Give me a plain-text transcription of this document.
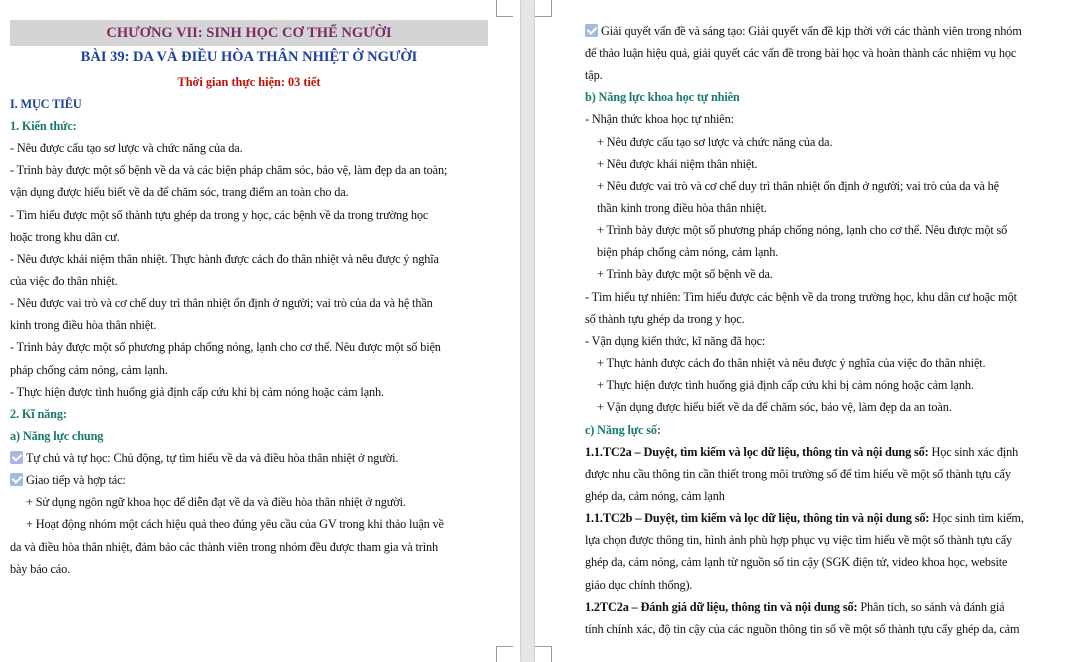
CHƯƠNG VII: SINH HỌC CƠ THỂ NGƯỜI
BÀI 39: DA VÀ ĐIỀU HÒA THÂN NHIỆT Ở NGƯỜI
Thời gian thực hiện: 03 tiết
I. MỤC TIÊU
1. Kiến thức:
- Nêu được cấu tạo sơ lược và chức năng của da.
- Trình bày được một số bệnh về da và các biện pháp chăm sóc, bảo vệ, làm đẹp da an toàn;
vận dụng được hiểu biết về da để chăm sóc, trang điểm an toàn cho da.
- Tìm hiểu được một số thành tựu ghép da trong y học, các bệnh về da trong trường học
hoặc trong khu dân cư.
- Nêu được khái niệm thân nhiệt. Thực hành được cách đo thân nhiệt và nêu được ý nghĩa
của việc đo thân nhiệt.
- Nêu được vai trò và cơ chế duy trì thân nhiệt ổn định ở người; vai trò của da và hệ thần
kinh trong điều hòa thân nhiệt.
- Trình bày được một số phương pháp chống nóng, lạnh cho cơ thể. Nêu được một số biện
pháp chống cảm nóng, cảm lạnh.
- Thực hiện được tình huống giả định cấp cứu khi bị cảm nóng hoặc cảm lạnh.
2. Kĩ năng:
a) Năng lực chung
Tự chủ và tự học: Chủ động, tự tìm hiểu về da và điều hòa thân nhiệt ở người.
Giao tiếp và hợp tác:
+ Sử dụng ngôn ngữ khoa học để diễn đạt về da và điều hòa thân nhiệt ở người.
+ Hoạt động nhóm một cách hiệu quả theo đúng yêu cầu của GV trong khi thảo luận về
da và điều hòa thân nhiệt, đảm bảo các thành viên trong nhóm đều được tham gia và trình
bày báo cáo.
Giải quyết vấn đề và sáng tạo: Giải quyết vấn đề kịp thời với các thành viên trong nhóm
để thảo luận hiệu quả, giải quyết các vấn đề trong bài học và hoàn thành các nhiệm vụ học
tập.
b) Năng lực khoa học tự nhiên
- Nhận thức khoa học tự nhiên:
+ Nêu được cấu tạo sơ lược và chức năng của da.
+ Nêu được khái niệm thân nhiệt.
+ Nêu được vai trò và cơ chế duy trì thân nhiệt ổn định ở người; vai trò của da và hệ
thần kinh trong điều hòa thân nhiệt.
+ Trình bày được một số phương pháp chống nóng, lạnh cho cơ thể. Nêu được một số
biện pháp chống cảm nóng, cảm lạnh.
+ Trình bày được một số bệnh về da.
- Tìm hiểu tự nhiên: Tìm hiểu được các bệnh về da trong trường học, khu dân cư hoặc một
số thành tựu ghép da trong y học.
- Vận dụng kiến thức, kĩ năng đã học:
+ Thực hành được cách đo thân nhiệt và nêu được ý nghĩa của việc đo thân nhiệt.
+ Thực hiện được tình huống giả định cấp cứu khi bị cảm nóng hoặc cảm lạnh.
+ Vận dụng được hiểu biết về da để chăm sóc, bảo vệ, làm đẹp da an toàn.
c) Năng lực số:
1.1.TC2a – Duyệt, tìm kiếm và lọc dữ liệu, thông tin và nội dung số: Học sinh xác định
được nhu cầu thông tin cần thiết trong môi trường số để tìm hiểu về một số thành tựu cấy
ghép da, cảm nóng, cảm lạnh
1.1.TC2b – Duyệt, tìm kiếm và lọc dữ liệu, thông tin và nội dung số: Học sinh tìm kiếm,
lựa chọn được thông tin, hình ảnh phù hợp phục vụ việc tìm hiểu về một số thành tựu cấy
ghép da, cảm nóng, cảm lạnh từ nguồn số tin cậy (SGK điện tử, video khoa học, website
giáo dục chính thống).
1.2TC2a – Đánh giá dữ liệu, thông tin và nội dung số: Phân tích, so sánh và đánh giá
tính chính xác, độ tin cậy của các nguồn thông tin số về một số thành tựu cấy ghép da, cảm
